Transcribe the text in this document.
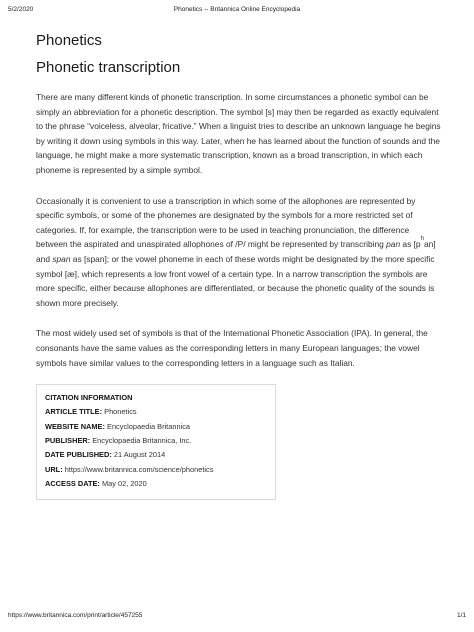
5/2/2020	Phonetics -- Britannica Online Encyclopedia
Phonetics
Phonetic transcription

There are many different kinds of phonetic transcription. In some circumstances a phonetic symbol can be simply an abbreviation for a phonetic description. The symbol [s] may then be regarded as exactly equivalent to the phrase “voiceless, alveolar, fricative.” When a linguist tries to describe an unknown language he begins by writing it down using symbols in this way. Later, when he has learned about the function of sounds and the language, he might make a more systematic transcription, known as a broad transcription, in which each phoneme is represented by a simple symbol.

Occasionally it is convenient to use a transcription in which some of the allophones are represented by specific symbols, or some of the phonemes are designated by the symbols for a more restricted set of categories. If, for example, the transcription were to be used in teaching pronunciation, the difference between the aspirated and unaspirated allophones of /P/ might be represented by transcribing pan as $[p^han]$ and span as [span]; or the vowel phoneme in each of these words might be designated by the more specific symbol [æ], which represents a low front vowel of a certain type. In a narrow transcription the symbols are more specific, either because allophones are differentiated, or because the phonetic quality of the sounds is shown more precisely.

The most widely used set of symbols is that of the International Phonetic Association (IPA). In general, the consonants have the same values as the corresponding letters in many European languages; the vowel symbols have similar values to the corresponding letters in a language such as Italian.

CITATION INFORMATION
ARTICLE TITLE: Phonetics
WEBSITE NAME: Encyclopaedia Britannica
PUBLISHER: Encyclopaedia Britannica, Inc.
DATE PUBLISHED: 21 August 2014
URL: https://www.britannica.com/science/phonetics
ACCESS DATE: May 02, 2020
https://www.britannica.com/print/article/457255	1/1
